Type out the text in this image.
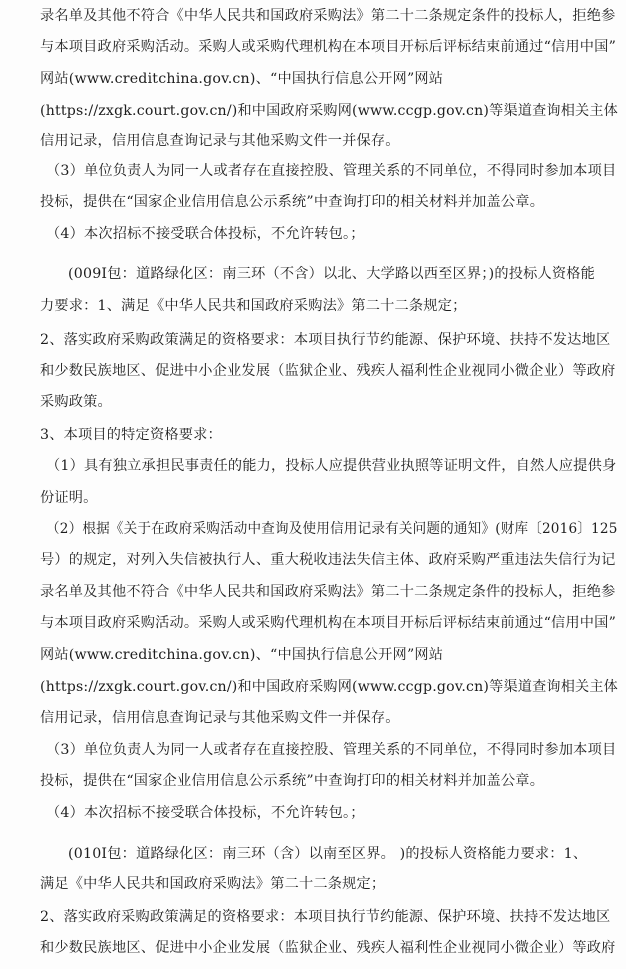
录名单及其他不符合《中华人民共和国政府采购法》第二十二条规定条件的投标人，拒绝参
与本项目政府采购活动。采购人或采购代理机构在本项目开标后评标结束前通过“信用中国”
网站(www.creditchina.gov.cn)、“中国执行信息公开网”网站
(https://zxgk.court.gov.cn/)和中国政府采购网(www.ccgp.gov.cn)等渠道查询相关主体
信用记录，信用信息查询记录与其他采购文件一并保存。
（3）单位负责人为同一人或者存在直接控股、管理关系的不同单位，不得同时参加本项目
投标，提供在“国家企业信用信息公示系统”中查询打印的相关材料并加盖公章。
（4）本次招标不接受联合体投标，不允许转包。；
(009I包：道路绿化区：南三环（不含）以北、大学路以西至区界；)的投标人资格能
力要求：1、满足《中华人民共和国政府采购法》第二十二条规定；
2、落实政府采购政策满足的资格要求：本项目执行节约能源、保护环境、扶持不发达地区
和少数民族地区、促进中小企业发展（监狱企业、残疾人福利性企业视同小微企业）等政府
采购政策。
3、本项目的特定资格要求：
（1）具有独立承担民事责任的能力，投标人应提供营业执照等证明文件，自然人应提供身
份证明。
（2）根据《关于在政府采购活动中查询及使用信用记录有关问题的通知》(财库〔2016〕125
号）的规定，对列入失信被执行人、重大税收违法失信主体、政府采购严重违法失信行为记
录名单及其他不符合《中华人民共和国政府采购法》第二十二条规定条件的投标人，拒绝参
与本项目政府采购活动。采购人或采购代理机构在本项目开标后评标结束前通过“信用中国”
网站(www.creditchina.gov.cn)、“中国执行信息公开网”网站
(https://zxgk.court.gov.cn/)和中国政府采购网(www.ccgp.gov.cn)等渠道查询相关主体
信用记录，信用信息查询记录与其他采购文件一并保存。
（3）单位负责人为同一人或者存在直接控股、管理关系的不同单位，不得同时参加本项目
投标，提供在“国家企业信用信息公示系统”中查询打印的相关材料并加盖公章。
（4）本次招标不接受联合体投标，不允许转包。；
(010I包：道路绿化区：南三环（含）以南至区界。 )的投标人资格能力要求：1、
满足《中华人民共和国政府采购法》第二十二条规定；
2、落实政府采购政策满足的资格要求：本项目执行节约能源、保护环境、扶持不发达地区
和少数民族地区、促进中小企业发展（监狱企业、残疾人福利性企业视同小微企业）等政府
